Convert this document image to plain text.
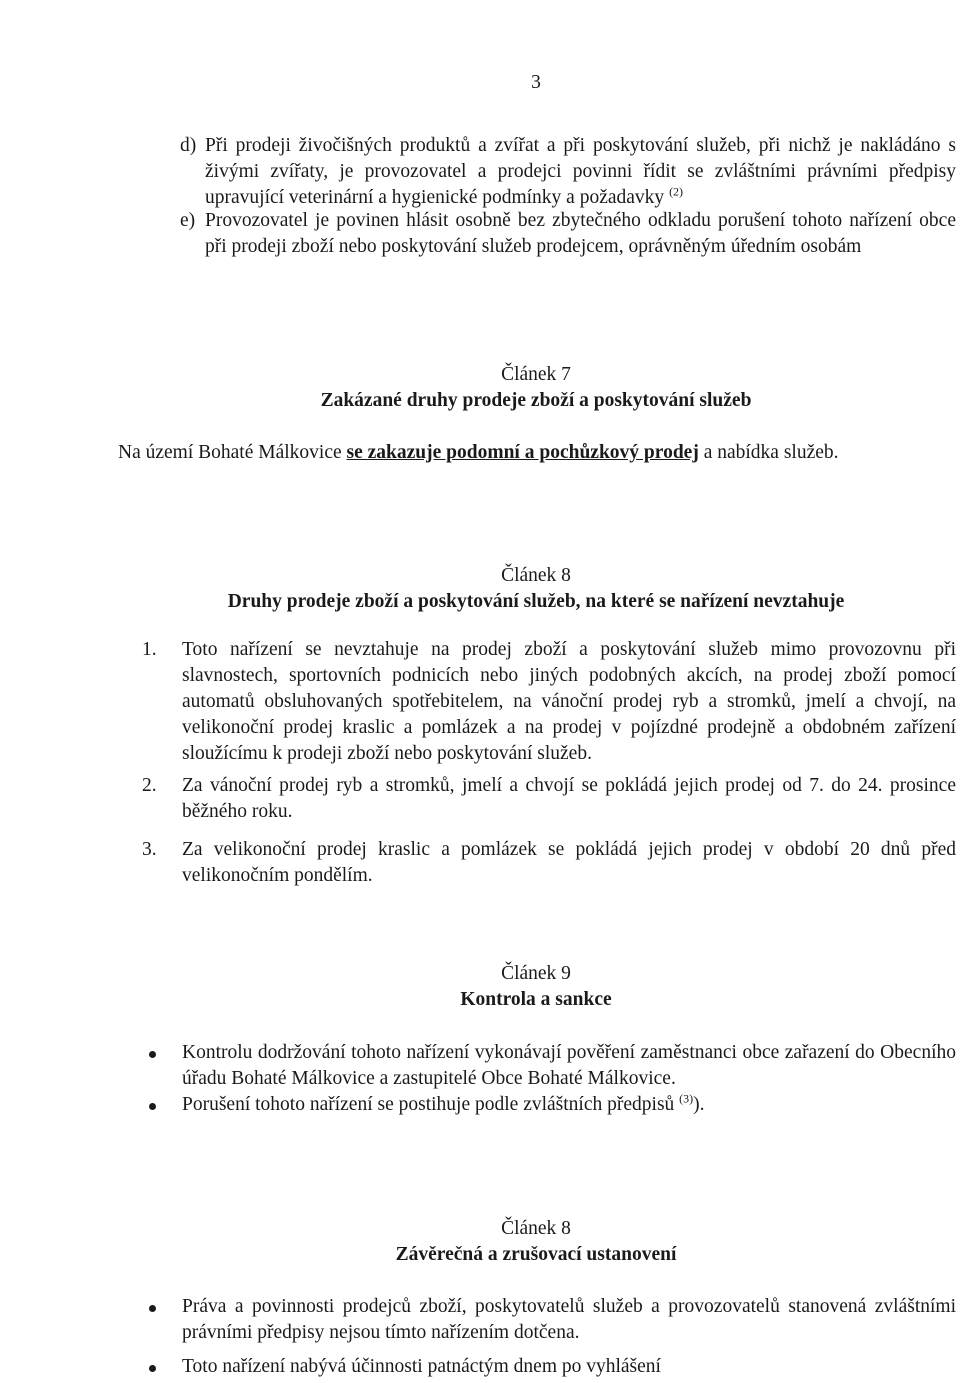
3
d) Při prodeji živočišných produktů a zvířat a při poskytování služeb, při nichž je nakládáno s živými zvířaty, je provozovatel a prodejci povinni řídit se zvláštními právními předpisy upravující veterinární a hygienické podmínky a požadavky $^{(2)}$
e) Provozovatel je povinen hlásit osobně bez zbytečného odkladu porušení tohoto nařízení obce při prodeji zboží nebo poskytování služeb prodejcem, oprávněným úředním osobám
Článek 7
Zakázané druhy prodeje zboží a poskytování služeb
Na území Bohaté Málkovice se zakazuje podomní a pochůzkový prodej a nabídka služeb.
Článek 8
Druhy prodeje zboží a poskytování služeb, na které se nařízení nevztahuje
1.	Toto nařízení se nevztahuje na prodej zboží a poskytování služeb mimo provozovnu při slavnostech, sportovních podnicích nebo jiných podobných akcích, na prodej zboží pomocí automatů obsluhovaných spotřebitelem, na vánoční prodej ryb a stromků, jmelí a chvojí, na velikonoční prodej kraslic a pomlázek a na prodej v pojízdné prodejně a obdobném zařízení sloužícímu k prodeji zboží nebo poskytování služeb.
2.	Za vánoční prodej ryb a stromků, jmelí a chvojí se pokládá jejich prodej od 7. do 24. prosince běžného roku.
3.	Za velikonoční prodej kraslic a pomlázek se pokládá jejich prodej v období 20 dnů před velikonočním pondělím.
Článek 9
Kontrola a sankce
Kontrolu dodržování tohoto nařízení vykonávají pověření zaměstnanci obce zařazení do Obecního úřadu Bohaté Málkovice a zastupitelé Obce Bohaté Málkovice.
Porušení tohoto nařízení se postihuje podle zvláštních předpisů $^{(3)}$).
Článek 8
Závěrečná a zrušovací ustanovení
Práva a povinnosti prodejců zboží, poskytovatelů služeb a provozovatelů stanovená zvláštními právními předpisy nejsou tímto nařízením dotčena.
Toto nařízení nabývá účinnosti patnáctým dnem po vyhlášení
